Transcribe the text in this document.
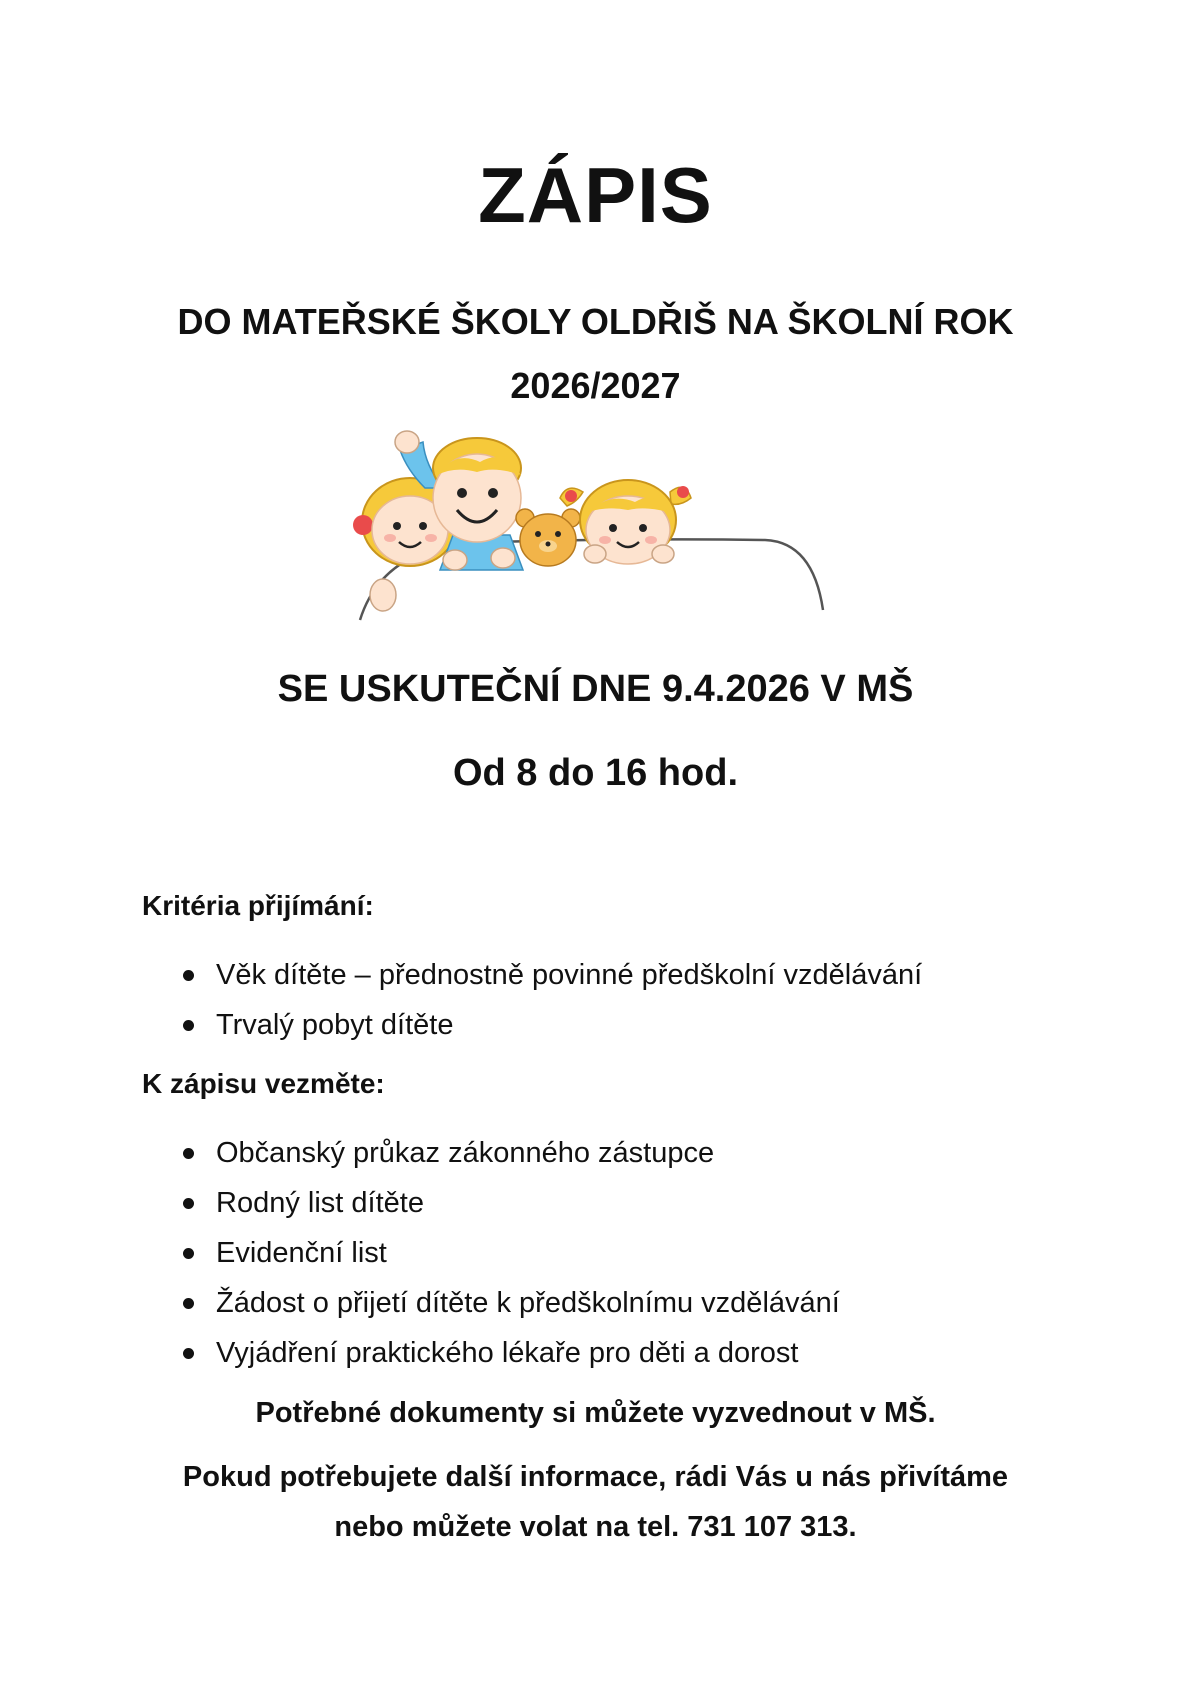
ZÁPIS
DO MATEŘSKÉ ŠKOLY OLDŘIŠ NA ŠKOLNÍ ROK
2026/2027
SE USKUTEČNÍ DNE 9.4.2026 V MŠ
Od 8 do 16 hod.
Kritéria přijímání:
Věk dítěte – přednostně povinné předškolní vzdělávání
Trvalý pobyt dítěte
K zápisu vezměte:
Občanský průkaz zákonného zástupce
Rodný list dítěte
Evidenční list
Žádost o přijetí dítěte k předškolnímu vzdělávání
Vyjádření praktického lékaře pro děti a dorost
Potřebné dokumenty si můžete vyzvednout v MŠ.
Pokud potřebujete další informace, rádi Vás u nás přivítáme
nebo můžete volat na tel. 731 107 313.
